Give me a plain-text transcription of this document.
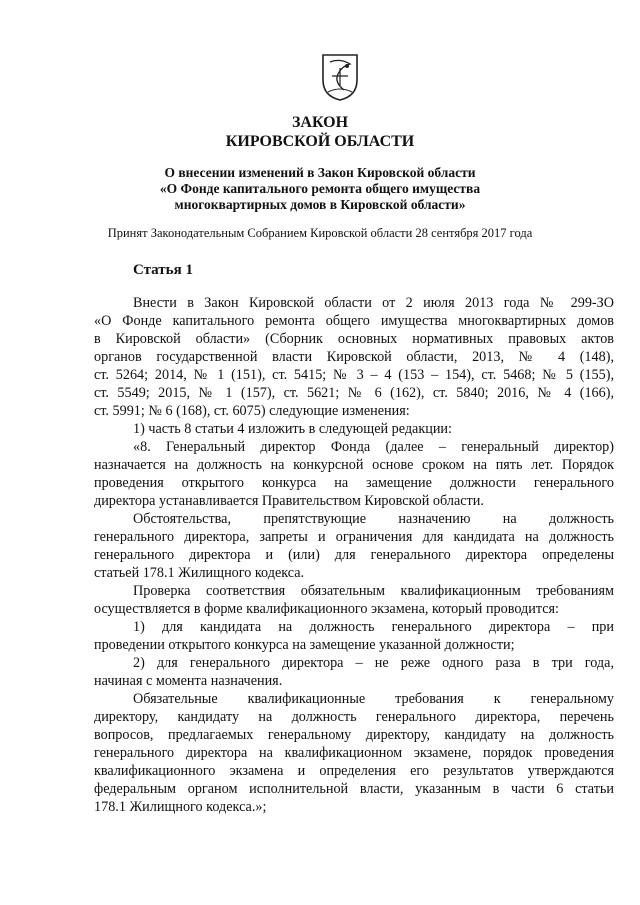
ЗАКОН
КИРОВСКОЙ ОБЛАСТИ
О внесении изменений в Закон Кировской области
«О Фонде капитального ремонта общего имущества
многоквартирных домов в Кировской области»
Принят Законодательным Собранием Кировской области 28 сентября 2017 года
Статья 1
Внести в Закон Кировской области от 2 июля 2013 года № 299-ЗО
«О Фонде капитального ремонта общего имущества многоквартирных домов
в Кировской области» (Сборник основных нормативных правовых актов
органов государственной власти Кировской области, 2013, № 4 (148),
ст. 5264; 2014, № 1 (151), ст. 5415; № 3 – 4 (153 – 154), ст. 5468; № 5 (155),
ст. 5549; 2015, № 1 (157), ст. 5621; № 6 (162), ст. 5840; 2016, № 4 (166),
ст. 5991; № 6 (168), ст. 6075) следующие изменения:
1) часть 8 статьи 4 изложить в следующей редакции:
«8. Генеральный директор Фонда (далее – генеральный директор)
назначается на должность на конкурсной основе сроком на пять лет. Порядок
проведения открытого конкурса на замещение должности генерального
директора устанавливается Правительством Кировской области.
Обстоятельства, препятствующие назначению на должность
генерального директора, запреты и ограничения для кандидата на должность
генерального директора и (или) для генерального директора определены
статьей 178.1 Жилищного кодекса.
Проверка соответствия обязательным квалификационным требованиям
осуществляется в форме квалификационного экзамена, который проводится:
1) для кандидата на должность генерального директора – при
проведении открытого конкурса на замещение указанной должности;
2) для генерального директора – не реже одного раза в три года,
начиная с момента назначения.
Обязательные квалификационные требования к генеральному
директору, кандидату на должность генерального директора, перечень
вопросов, предлагаемых генеральному директору, кандидату на должность
генерального директора на квалификационном экзамене, порядок проведения
квалификационного экзамена и определения его результатов утверждаются
федеральным органом исполнительной власти, указанным в части 6 статьи
178.1 Жилищного кодекса.»;
